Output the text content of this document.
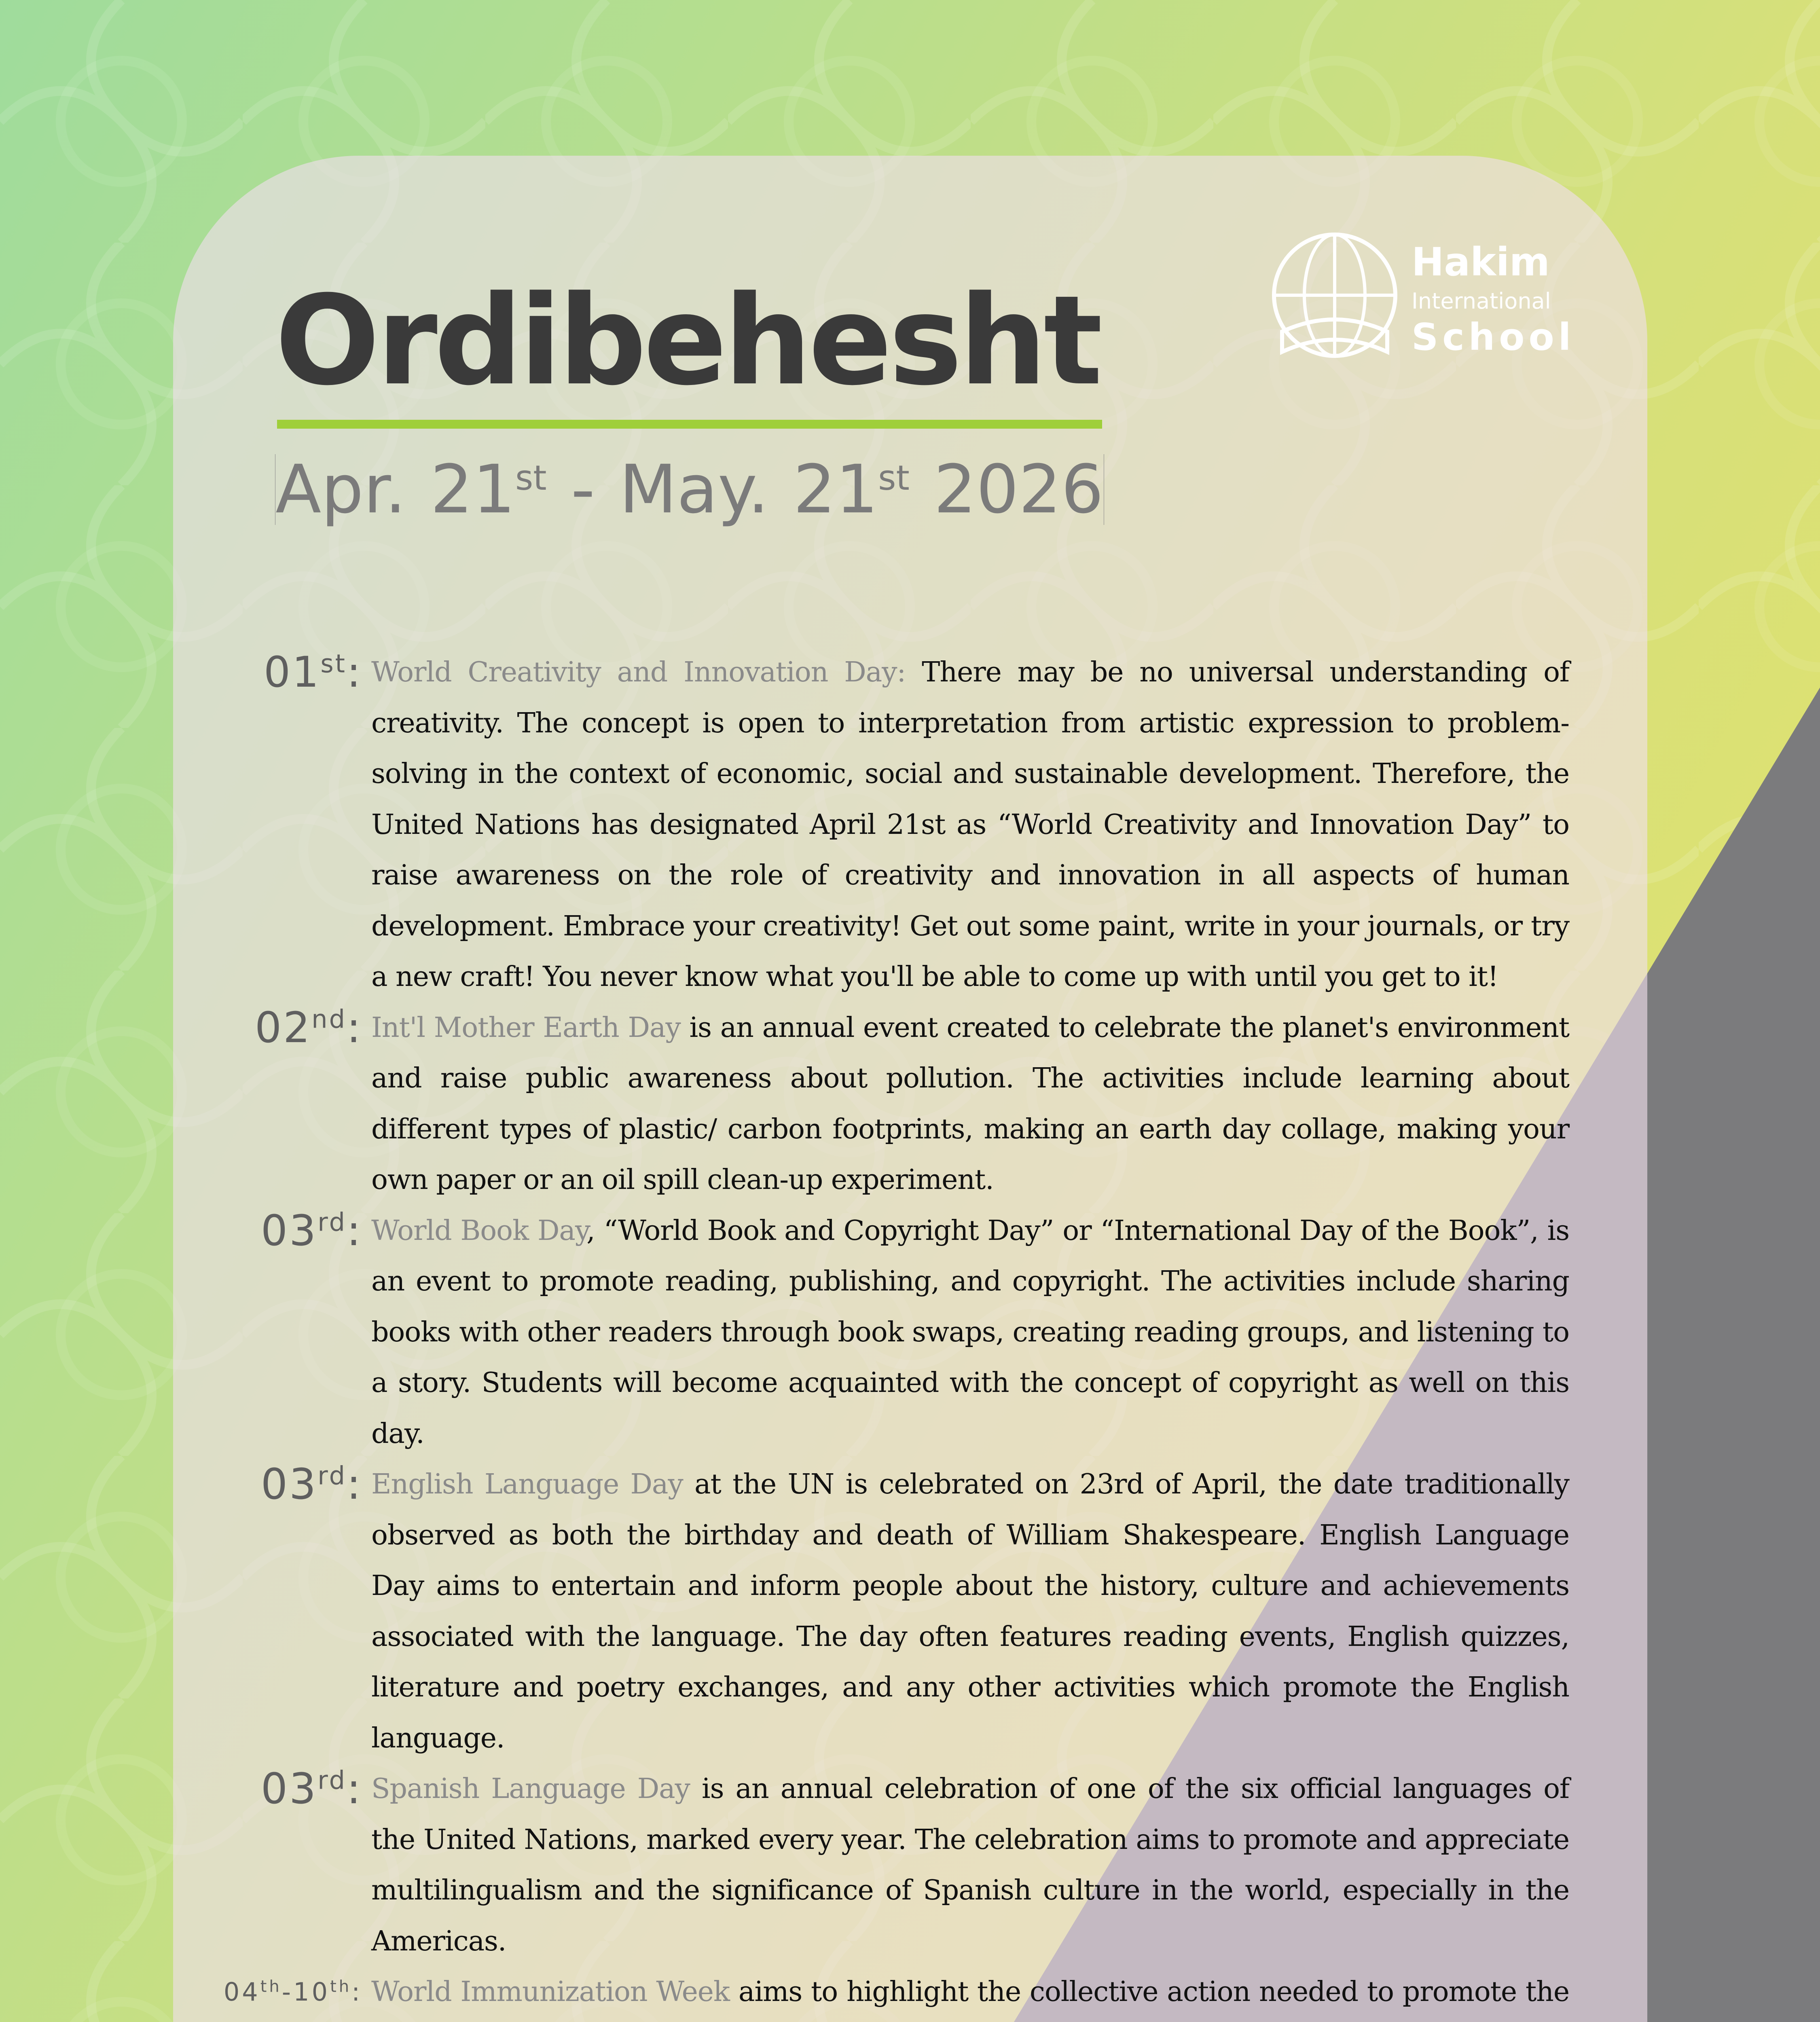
Hakim
International
School
Ordibehesht
Apr. 21st - May. 21st 2026
01st: World Creativity and Innovation Day: There may be no universal understanding of creativity. The concept is open to interpretation from artistic expression to problem-solving in the context of economic, social and sustainable development. Therefore, the United Nations has designated April 21st as “World Creativity and Innovation Day” to raise awareness on the role of creativity and innovation in all aspects of human development. Embrace your creativity! Get out some paint, write in your journals, or try a new craft! You never know what you'll be able to come up with until you get to it!
02nd: Int'l Mother Earth Day is an annual event created to celebrate the planet's environment and raise public awareness about pollution. The activities include learning about different types of plastic/ carbon footprints, making an earth day collage, making your own paper or an oil spill clean-up experiment.
03rd: World Book Day, “World Book and Copyright Day” or “International Day of the Book”, is an event to promote reading, publishing, and copyright. The activities include sharing books with other readers through book swaps, creating reading groups, and listening to a story. Students will become acquainted with the concept of copyright as well on this day.
03rd: English Language Day at the UN is celebrated on 23rd of April, the date traditionally observed as both the birthday and death of William Shakespeare. English Language Day aims to entertain and inform people about the history, culture and achievements associated with the language. The day often features reading events, English quizzes, literature and poetry exchanges, and any other activities which promote the English language.
03rd: Spanish Language Day is an annual celebration of one of the six official languages of the United Nations, marked every year. The celebration aims to promote and appreciate multilingualism and the significance of Spanish culture in the world, especially in the Americas.
04th-10th: World Immunization Week aims to highlight the collective action needed to promote the
